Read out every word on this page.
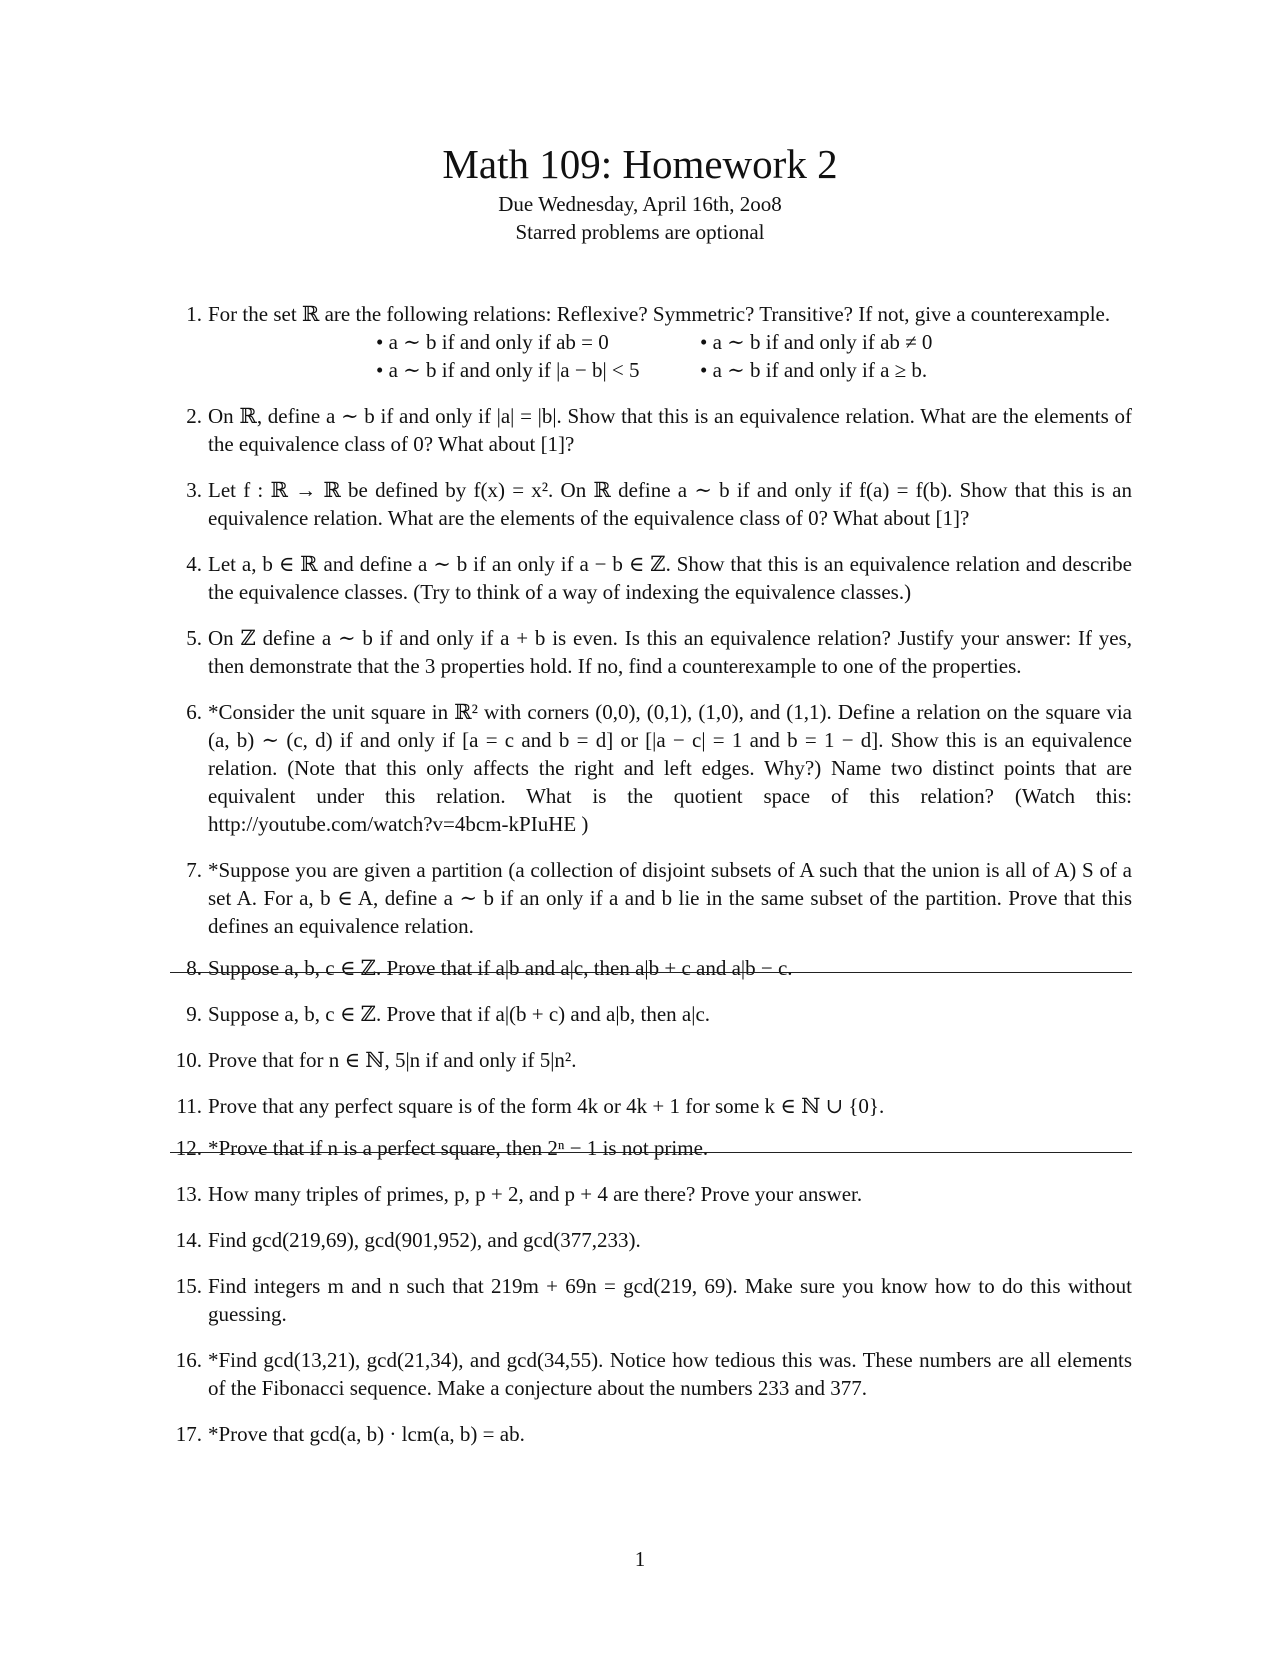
Math 109: Homework 2

Due Wednesday, April 16th, 2oo8

Starred problems are optional

1. For the set ℝ are the following relations: Reflexive? Symmetric? Transitive? If not, give a counterexample.
• a ∼ b if and only if ab = 0	• a ∼ b if and only if ab ≠ 0
• a ∼ b if and only if |a − b| < 5	• a ∼ b if and only if a ≥ b.
2. On ℝ, define a ∼ b if and only if |a| = |b|. Show that this is an equivalence relation. What are the elements of the equivalence class of 0? What about [1]?
3. Let f : ℝ → ℝ be defined by f(x) = x². On ℝ define a ∼ b if and only if f(a) = f(b). Show that this is an equivalence relation. What are the elements of the equivalence class of 0? What about [1]?
4. Let a, b ∈ ℝ and define a ∼ b if an only if a − b ∈ ℤ. Show that this is an equivalence relation and describe the equivalence classes. (Try to think of a way of indexing the equivalence classes.)
5. On ℤ define a ∼ b if and only if a + b is even. Is this an equivalence relation? Justify your answer: If yes, then demonstrate that the 3 properties hold. If no, find a counterexample to one of the properties.
6. *Consider the unit square in ℝ² with corners (0,0), (0,1), (1,0), and (1,1). Define a relation on the square via (a, b) ∼ (c, d) if and only if [a = c and b = d] or [|a − c| = 1 and b = 1 − d]. Show this is an equivalence relation. (Note that this only affects the right and left edges. Why?) Name two distinct points that are equivalent under this relation. What is the quotient space of this relation? (Watch this: http://youtube.com/watch?v=4bcm-kPIuHE )
7. *Suppose you are given a partition (a collection of disjoint subsets of A such that the union is all of A) S of a set A. For a, b ∈ A, define a ∼ b if an only if a and b lie in the same subset of the partition. Prove that this defines an equivalence relation.
8. Suppose a, b, c ∈ ℤ. Prove that if a|b and a|c, then a|b + c and a|b − c.
9. Suppose a, b, c ∈ ℤ. Prove that if a|(b + c) and a|b, then a|c.
10. Prove that for n ∈ ℕ, 5|n if and only if 5|n².
11. Prove that any perfect square is of the form 4k or 4k + 1 for some k ∈ ℕ ∪ {0}.
12. *Prove that if n is a perfect square, then 2ⁿ − 1 is not prime.
13. How many triples of primes, p, p + 2, and p + 4 are there? Prove your answer.
14. Find gcd(219,69), gcd(901,952), and gcd(377,233).
15. Find integers m and n such that 219m + 69n = gcd(219, 69). Make sure you know how to do this without guessing.
16. *Find gcd(13,21), gcd(21,34), and gcd(34,55). Notice how tedious this was. These numbers are all elements of the Fibonacci sequence. Make a conjecture about the numbers 233 and 377.
17. *Prove that gcd(a, b) · lcm(a, b) = ab.
1
